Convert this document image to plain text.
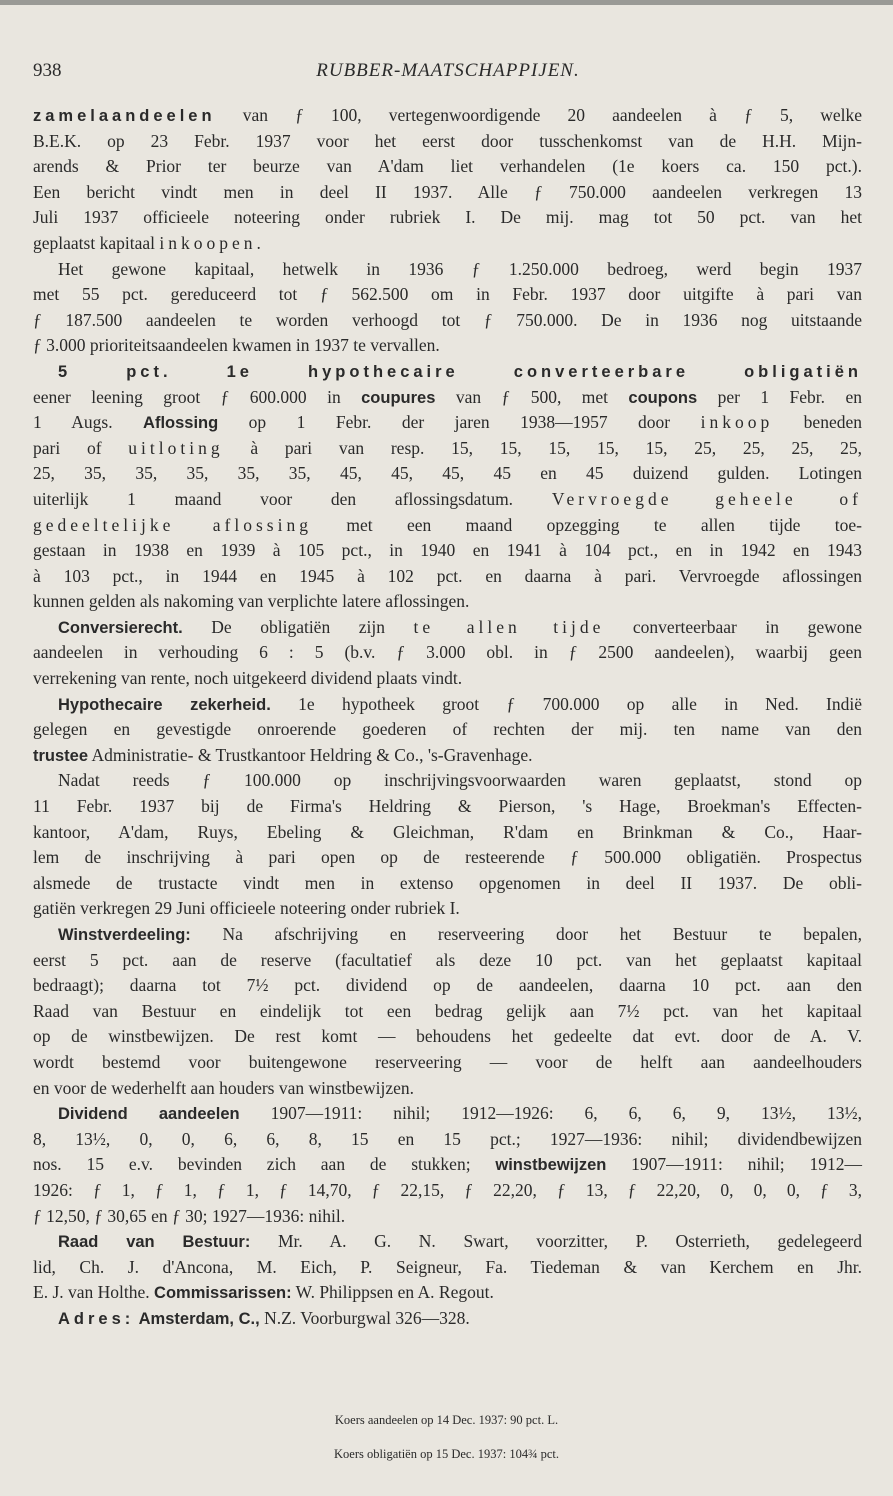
938	RUBBER-MAATSCHAPPIJEN.
zamelaandeelen van ƒ 100, vertegenwoordigende 20 aandeelen à ƒ 5, welke
B.E.K. op 23 Febr. 1937 voor het eerst door tusschenkomst van de H.H. Mijn-
arends & Prior ter beurze van A'dam liet verhandelen (1e koers ca. 150 pct.).
Een bericht vindt men in deel II 1937. Alle ƒ 750.000 aandeelen verkregen 13
Juli 1937 officieele noteering onder rubriek I. De mij. mag tot 50 pct. van het
geplaatst kapitaal inkoopen.
Het gewone kapitaal, hetwelk in 1936 ƒ 1.250.000 bedroeg, werd begin 1937
met 55 pct. gereduceerd tot ƒ 562.500 om in Febr. 1937 door uitgifte à pari van
ƒ 187.500 aandeelen te worden verhoogd tot ƒ 750.000. De in 1936 nog uitstaande
ƒ 3.000 prioriteitsaandeelen kwamen in 1937 te vervallen.
5 pct. 1e hypothecaire converteerbare obligatiën
eener leening groot ƒ 600.000 in coupures van ƒ 500, met coupons per 1 Febr. en
1 Augs. Aflossing op 1 Febr. der jaren 1938—1957 door inkoop beneden
pari of uitloting à pari van resp. 15, 15, 15, 15, 15, 25, 25, 25, 25,
25, 35, 35, 35, 35, 35, 45, 45, 45, 45 en 45 duizend gulden. Lotingen
uiterlijk 1 maand voor den aflossingsdatum. Vervroegde geheele of
gedeeltelijke aflossing met een maand opzegging te allen tijde toe-
gestaan in 1938 en 1939 à 105 pct., in 1940 en 1941 à 104 pct., en in 1942 en 1943
à 103 pct., in 1944 en 1945 à 102 pct. en daarna à pari. Vervroegde aflossingen
kunnen gelden als nakoming van verplichte latere aflossingen.
Conversierecht. De obligatiën zijn te allen tijde converteerbaar in gewone
aandeelen in verhouding 6 : 5 (b.v. ƒ 3.000 obl. in ƒ 2500 aandeelen), waarbij geen
verrekening van rente, noch uitgekeerd dividend plaats vindt.
Hypothecaire zekerheid. 1e hypotheek groot ƒ 700.000 op alle in Ned. Indië
gelegen en gevestigde onroerende goederen of rechten der mij. ten name van den
trustee Administratie- & Trustkantoor Heldring & Co., 's-Gravenhage.
Nadat reeds ƒ 100.000 op inschrijvingsvoorwaarden waren geplaatst, stond op
11 Febr. 1937 bij de Firma's Heldring & Pierson, 's Hage, Broekman's Effecten-
kantoor, A'dam, Ruys, Ebeling & Gleichman, R'dam en Brinkman & Co., Haar-
lem de inschrijving à pari open op de resteerende ƒ 500.000 obligatiën. Prospectus
alsmede de trustacte vindt men in extenso opgenomen in deel II 1937. De obli-
gatiën verkregen 29 Juni officieele noteering onder rubriek I.
Winstverdeeling: Na afschrijving en reserveering door het Bestuur te bepalen,
eerst 5 pct. aan de reserve (facultatief als deze 10 pct. van het geplaatst kapitaal
bedraagt); daarna tot 7½ pct. dividend op de aandeelen, daarna 10 pct. aan den
Raad van Bestuur en eindelijk tot een bedrag gelijk aan 7½ pct. van het kapitaal
op de winstbewijzen. De rest komt — behoudens het gedeelte dat evt. door de A. V.
wordt bestemd voor buitengewone reserveering — voor de helft aan aandeelhouders
en voor de wederhelft aan houders van winstbewijzen.
Dividend aandeelen 1907—1911: nihil; 1912—1926: 6, 6, 6, 9, 13½, 13½,
8, 13½, 0, 0, 6, 6, 8, 15 en 15 pct.; 1927—1936: nihil; dividendbewijzen
nos. 15 e.v. bevinden zich aan de stukken; winstbewijzen 1907—1911: nihil; 1912—
1926: ƒ 1, ƒ 1, ƒ 1, ƒ 14,70, ƒ 22,15, ƒ 22,20, ƒ 13, ƒ 22,20, 0, 0, 0, ƒ 3,
ƒ 12,50, ƒ 30,65 en ƒ 30; 1927—1936: nihil.
Raad van Bestuur: Mr. A. G. N. Swart, voorzitter, P. Osterrieth, gedelegeerd
lid, Ch. J. d'Ancona, M. Eich, P. Seigneur, Fa. Tiedeman & van Kerchem en Jhr.
E. J. van Holthe. Commissarissen: W. Philippsen en A. Regout.
Adres: Amsterdam, C., N.Z. Voorburgwal 326—328.
Koers aandeelen op 14 Dec. 1937: 90 pct. L.
Koers obligatiën op 15 Dec. 1937: 104¾ pct.
